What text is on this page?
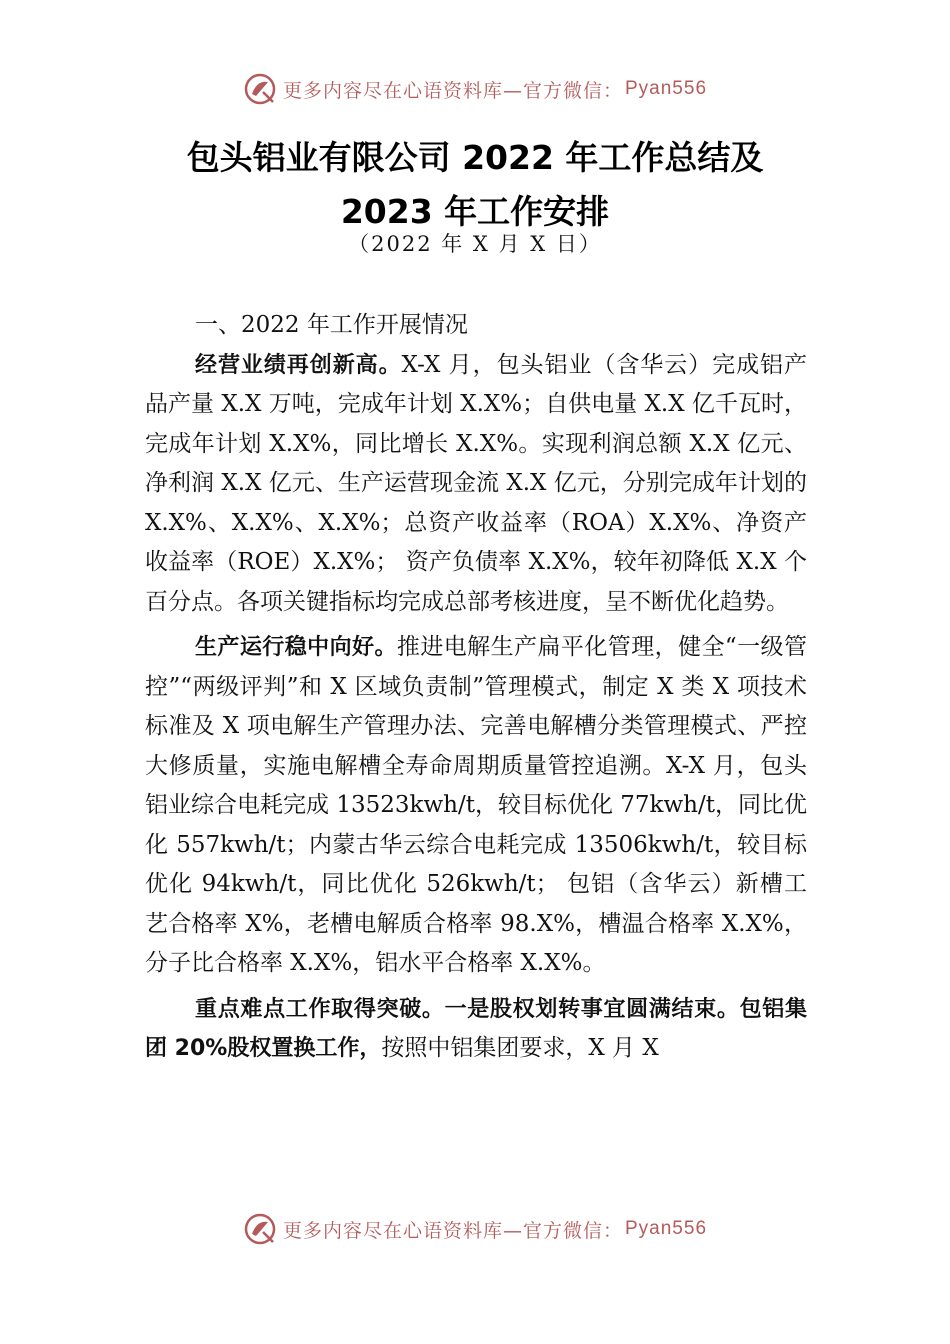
更多内容尽在心语资料库—官方微信： Pyan556
包头铝业有限公司 2022 年工作总结及
2023 年工作安排
（2022 年 X 月 X 日）

一、2022 年工作开展情况

经营业绩再创新高。X-X 月，包头铝业（含华云）完成铝产品产量 X.X 万吨，完成年计划 X.X%；自供电量 X.X 亿千瓦时，完成年计划 X.X%，同比增长 X.X%。实现利润总额 X.X 亿元、净利润 X.X 亿元、生产运营现金流 X.X 亿元，分别完成年计划的 X.X%、X.X%、X.X%；总资产收益率（ROA）X.X%、净资产收益率（ROE）X.X%； 资产负债率 X.X%，较年初降低 X.X 个百分点。各项关键指标均完成总部考核进度，呈不断优化趋势。

生产运行稳中向好。推进电解生产扁平化管理，健全“一级管控”“两级评判”和 X 区域负责制”管理模式，制定 X 类 X 项技术标准及 X 项电解生产管理办法、完善电解槽分类管理模式、严控大修质量，实施电解槽全寿命周期质量管控追溯。X-X 月，包头铝业综合电耗完成 13523kwh/t，较目标优化 77kwh/t，同比优化 557kwh/t；内蒙古华云综合电耗完成 13506kwh/t，较目标优化 94kwh/t，同比优化 526kwh/t； 包铝（含华云）新槽工艺合格率 X%，老槽电解质合格率 98.X%，槽温合格率 X.X%，分子比合格率 X.X%，铝水平合格率 X.X%。

重点难点工作取得突破。一是股权划转事宜圆满结束。包铝集团 20%股权置换工作，按照中铝集团要求，X 月 X

更多内容尽在心语资料库—官方微信： Pyan556
